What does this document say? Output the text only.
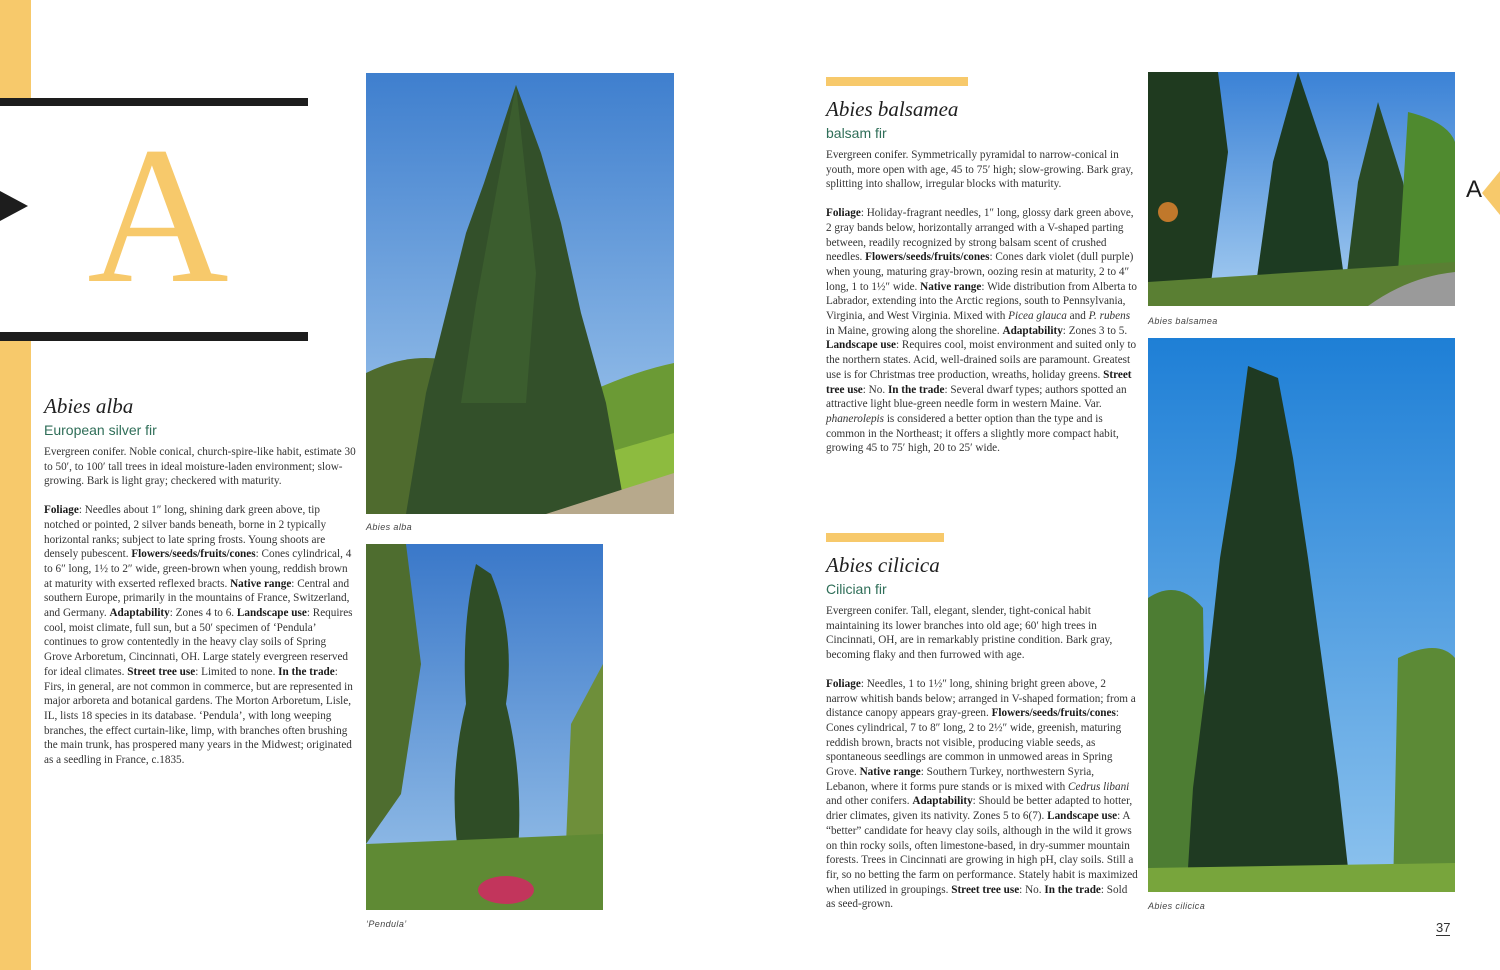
A
Abies alba
European silver fir

Evergreen conifer. Noble conical, church-spire-like habit, estimate 30 to 50′, to 100′ tall trees in ideal moisture-laden environment; slow-growing. Bark is light gray; checkered with maturity.

Foliage: Needles about 1″ long, shining dark green above, tip notched or pointed, 2 silver bands beneath, borne in 2 typically horizontal ranks; subject to late spring frosts. Young shoots are densely pubescent. Flowers/seeds/fruits/cones: Cones cylindrical, 4 to 6″ long, 1½ to 2″ wide, green-brown when young, reddish brown at maturity with exserted reflexed bracts. Native range: Central and southern Europe, primarily in the mountains of France, Switzerland, and Germany. Adaptability: Zones 4 to 6. Landscape use: Requires cool, moist climate, full sun, but a 50′ specimen of ‘Pendula’ continues to grow contentedly in the heavy clay soils of Spring Grove Arboretum, Cincinnati, OH. Large stately evergreen reserved for ideal climates. Street tree use: Limited to none. In the trade: Firs, in general, are not common in commerce, but are represented in major arboreta and botanical gardens. The Morton Arboretum, Lisle, IL, lists 18 species in its database. ‘Pendula’, with long weeping branches, the effect curtain-like, limp, with branches often brushing the main trunk, has prospered many years in the Midwest; originated as a seedling in France, c.1835.

Abies alba
‘Pendula’
Abies balsamea
balsam fir

Evergreen conifer. Symmetrically pyramidal to narrow-conical in youth, more open with age, 45 to 75′ high; slow-growing. Bark gray, splitting into shallow, irregular blocks with maturity.

Foliage: Holiday-fragrant needles, 1″ long, glossy dark green above, 2 gray bands below, horizontally arranged with a V-shaped parting between, readily recognized by strong balsam scent of crushed needles. Flowers/seeds/fruits/cones: Cones dark violet (dull purple) when young, maturing gray-brown, oozing resin at maturity, 2 to 4″ long, 1 to 1½″ wide. Native range: Wide distribution from Alberta to Labrador, extending into the Arctic regions, south to Pennsylvania, Virginia, and West Virginia. Mixed with Picea glauca and P. rubens in Maine, growing along the shoreline. Adaptability: Zones 3 to 5. Landscape use: Requires cool, moist environment and suited only to the northern states. Acid, well-drained soils are paramount. Greatest use is for Christmas tree production, wreaths, holiday greens. Street tree use: No. In the trade: Several dwarf types; authors spotted an attractive light blue-green needle form in western Maine. Var. phanerolepis is considered a better option than the type and is common in the Northeast; it offers a slightly more compact habit, growing 45 to 75′ high, 20 to 25′ wide.

Abies cilicica
Cilician fir

Evergreen conifer. Tall, elegant, slender, tight-conical habit maintaining its lower branches into old age; 60′ high trees in Cincinnati, OH, are in remarkably pristine condition. Bark gray, becoming flaky and then furrowed with age.

Foliage: Needles, 1 to 1½″ long, shining bright green above, 2 narrow whitish bands below; arranged in V-shaped formation; from a distance canopy appears gray-green. Flowers/seeds/fruits/cones: Cones cylindrical, 7 to 8″ long, 2 to 2½″ wide, greenish, maturing reddish brown, bracts not visible, producing viable seeds, as spontaneous seedlings are common in unmowed areas in Spring Grove. Native range: Southern Turkey, northwestern Syria, Lebanon, where it forms pure stands or is mixed with Cedrus libani and other conifers. Adaptability: Should be better adapted to hotter, drier climates, given its nativity. Zones 5 to 6(7). Landscape use: A “better” candidate for heavy clay soils, although in the wild it grows on thin rocky soils, often limestone-based, in dry-summer mountain forests. Trees in Cincinnati are growing in high pH, clay soils. Still a fir, so no betting the farm on performance. Stately habit is maximized when utilized in groupings. Street tree use: No. In the trade: Sold as seed-grown.

Abies balsamea
Abies cilicica
A
37
